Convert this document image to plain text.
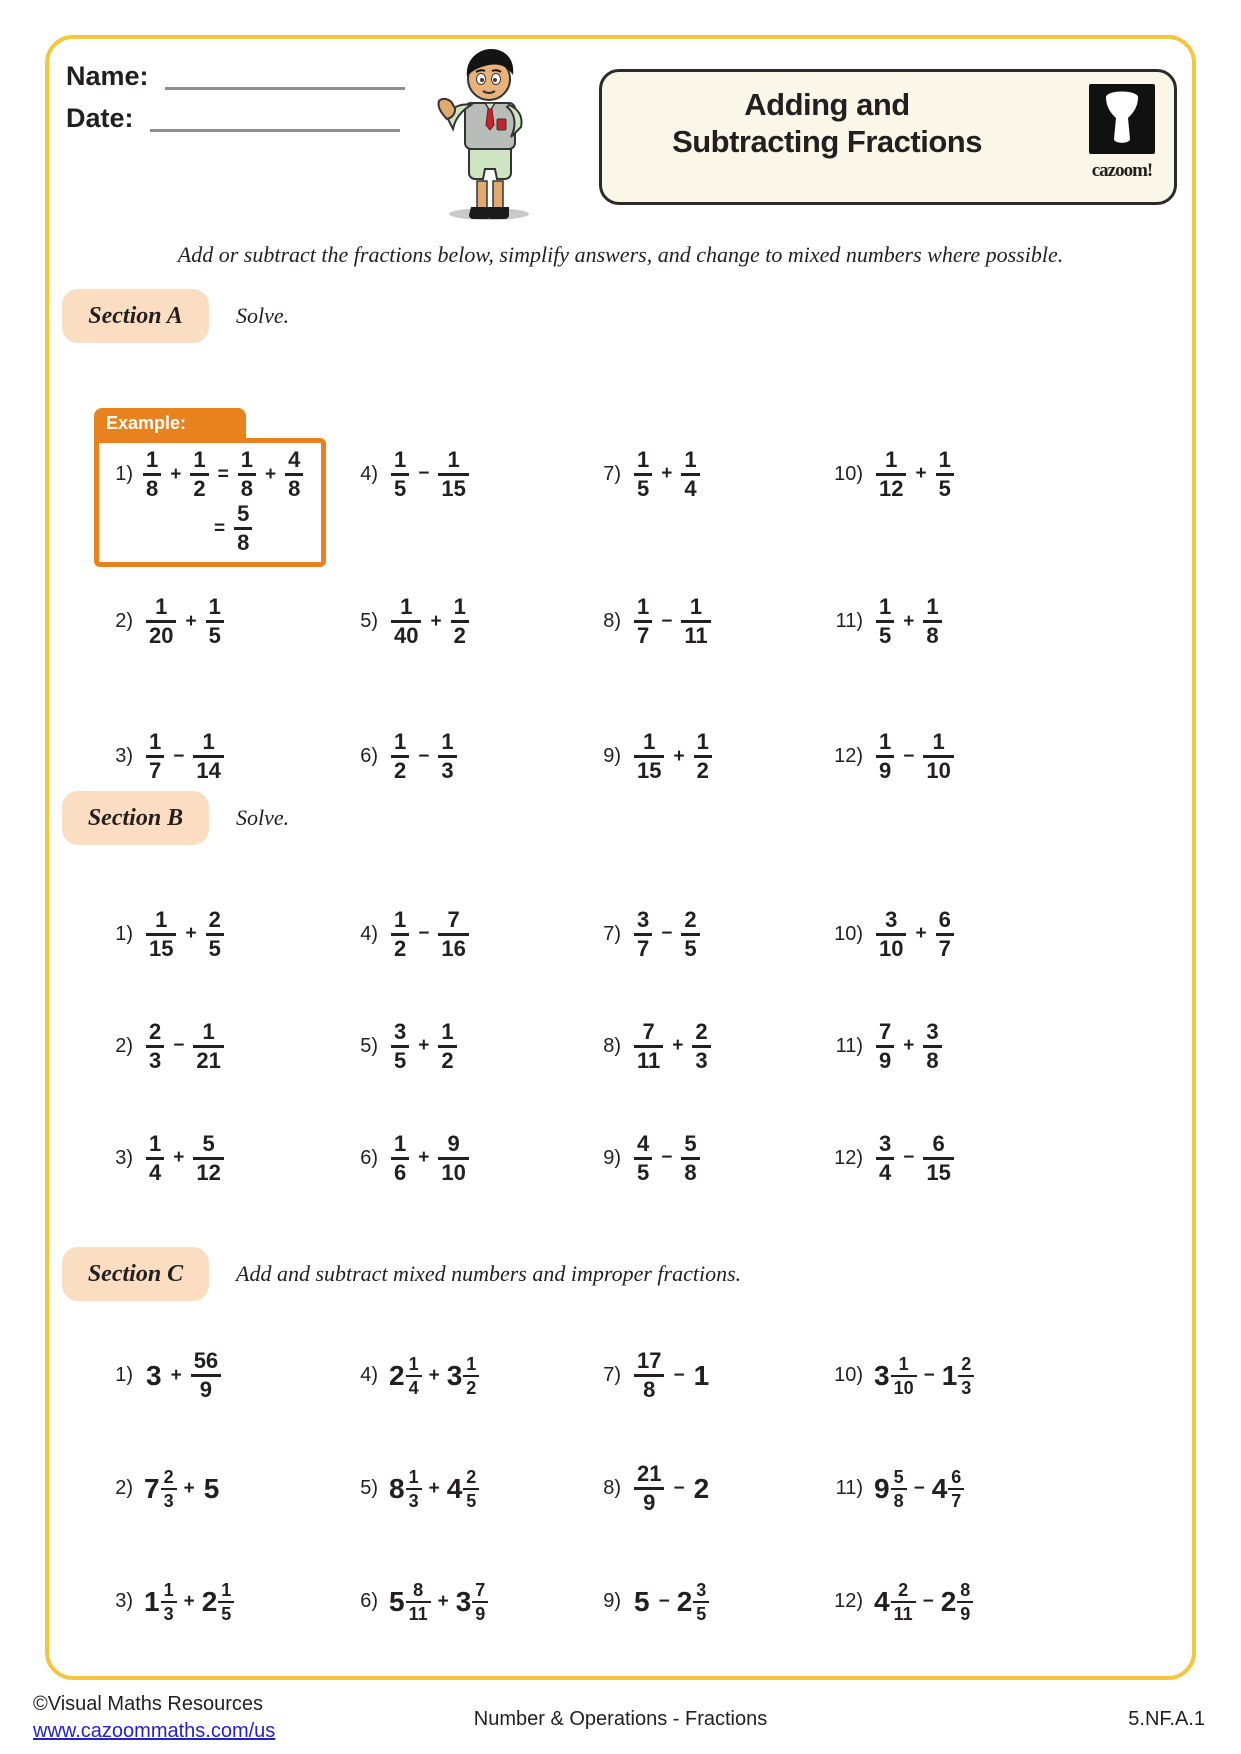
Name:
Date:	Adding and
Subtracting Fractions
cazoom!
Add or subtract the fractions below, simplify answers, and change to mixed numbers where possible.
Section A	Solve.
Example:
$1) \frac{1}{8} + \frac{1}{2} = \frac{1}{8} + \frac{4}{8}$
= $\frac{5}{8}$
$4) \frac{1}{5} - \frac{1}{15}$	$7) \frac{1}{5} + \frac{1}{4}$	$10) \frac{1}{12} + \frac{1}{5}$
$2) \frac{1}{20} + \frac{1}{5}$	$5) \frac{1}{40} + \frac{1}{2}$	$8) \frac{1}{7} - \frac{1}{11}$	$11) \frac{1}{5} + \frac{1}{8}$
$3) \frac{1}{7} - \frac{1}{14}$	$6) \frac{1}{2} - \frac{1}{3}$	$9) \frac{1}{15} + \frac{1}{2}$	$12) \frac{1}{9} - \frac{1}{10}$
Section B	Solve.
$1) \frac{1}{15} + \frac{2}{5}$	$4) \frac{1}{2} - \frac{7}{16}$	$7) \frac{3}{7} - \frac{2}{5}$	$10) \frac{3}{10} + \frac{6}{7}$
$2) \frac{2}{3} - \frac{1}{21}$	$5) \frac{3}{5} + \frac{1}{2}$	$8) \frac{7}{11} + \frac{2}{3}$	$11) \frac{7}{9} + \frac{3}{8}$
$3) \frac{1}{4} + \frac{5}{12}$	$6) \frac{1}{6} + \frac{9}{10}$	$9) \frac{4}{5} - \frac{5}{8}$	$12) \frac{3}{4} - \frac{6}{15}$
Section C	Add and subtract mixed numbers and improper fractions.
1) $3 + \frac{56}{9}$	4) $2 \frac{1}{4} + 3 \frac{1}{2}$	$7) \frac{17}{8} - 1$	10) $3 \frac{1}{10} - 1 \frac{2}{3}$
2) $7 \frac{2}{3} + 5$	5) $8 \frac{1}{3} + 4 \frac{2}{5}$	$8) \frac{21}{9} - 2$	11) $9 \frac{5}{8} - 4 \frac{6}{7}$
3) $1 \frac{1}{3} + 2 \frac{1}{5}$	6) $5 \frac{8}{11} + 3 \frac{7}{9}$	9) $5 - 2 \frac{3}{5}$	12) $4 \frac{2}{11} - 2 \frac{8}{9}$
©Visual Maths Resources
www.cazoommaths.com/us
Number & Operations - Fractions	5.NF.A.1
